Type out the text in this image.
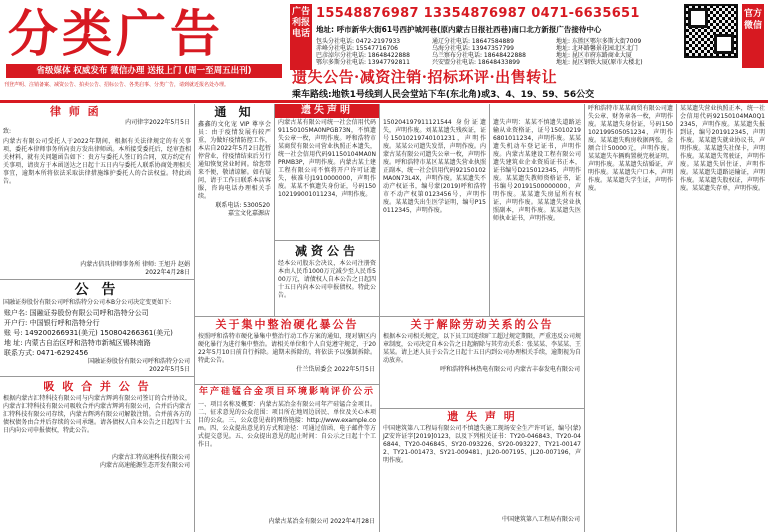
分类广告
省级媒体 权威发布 微信办理 送报上门 (周一至周五出刊)
刊登声明、注销备案、减资公告、拍卖公告、招标公告、各类启事、分类广告，请到就近报名处办理。
广告利报电话
15548876987 13354876987 0471-6635651
地址: 呼市新华大街61号西护城河巷(原内蒙古日报社西巷)南口北方新报广告接待中心
包头分社电话: 0472-2197933
赤峰分社电话: 15547716706
巴彦淖尔分社电话: 18648422888
鄂尔多斯分社电话: 13947792811
通辽分社电话: 18647584889
乌海分社电话: 13947357799
乌兰察布分社电话: 18648422888
兴安盟分社电话: 18648433899
地址: 东胜区鄂尔多斯大街7009
地址: 北环路馨景花园北区北门
地址: 昆区市府东路商业大厦
地址: 昆区钢铁大厦(原市大楼北)
官方微信
遗失公告·减资注销·招标环评·出售转让
乘车路线:地铁1号线到人民会堂站下车(东北角)或3、4、19、59、56公交
律 师 函
内司律字2022年5月5日
致:
内蒙古有限公司受托人于2022年期间，根据有关法律规定的有关事项，委托本律师事务所向贵方发出律师函。本所接受委托后，经审查相关材料，就有关问题函告如下：贵方与委托人签订的合同，双方约定有关事项，请贵方于本函送达之日起十五日内与委托人联系协商处理相关事宜，逾期本所将依法采取法律措施维护委托人的合法权益。特此函告。
内蒙古信具律师事务所 律师: 王旭升 赵娟
2022年4月28日
公 告
国融证券股份有限公司呼和浩特分公司本B分公司决定变更如下:
账户名: 国融证券股份有限公司呼和浩特分公司
开户行: 中国银行呼和浩特分行
账 号: 149200266931(美元) 150804266361(美元)
地 址: 内蒙古自治区呼和浩特市新城区锡林南路
联系方式: 0471-6292456
国融证券股份有限公司呼和浩特分公司
2022年5月5日
吸 收 合 并 公 告
根据内蒙古汇特科技有限公司与内蒙古辉鸿有限公司签订的合并协议，内蒙古汇特科技有限公司吸收合并内蒙古辉鸿有限公司，合并后内蒙古汇特科技有限公司存续，内蒙古辉鸿有限公司解散注销。合并前各方的债权债务由合并后存续的公司承继。请各债权人自本公告之日起四十五日内向公司申报债权，特此公告。
内蒙古汇特高速科技有限公司
内蒙古高速能源生态开发有限公司
通 知
鑫鑫的文化宠 VIP 尊享会员：由于疫情发展有较严重，为做好疫情防控工作，本店自2022年5月2日起暂停营业，待疫情结束后另行通知恢复营业时间。给您带来不便，敬请谅解。如有疑问，请于工作日联系本店客服，咨询电话办理相关手续。
联系电话: 5300520
嘉宝文化嘉源店
遗失声明
内蒙古某有限公司统一社会信用代码91150105MA0NPGB73N，不慎遗失公章一枚，声明作废。呼和浩特市某商贸有限公司营业执照正本遗失，统一社会信用代码91150104MA0NPRMB3P，声明作废。内蒙古某土建工程有限公司不慎将开户许可证遗失，核准号J1910000000，声明作废。某某不慎遗失身份证，号码150102199001011234，声明作废。
减资公告
经本公司股东会决议，本公司注册资本由人民币1000万元减少至人民币500万元，请债权人自本公告之日起四十五日内向本公司申报债权。特此公告。
150204197911121544 身份证遗失，声明作废。刘某某遗失残疾证，证号15010219740101231，声明作废。某某公司遗失发票，声明作废。内蒙古某有限公司遗失公章一枚，声明作废。呼和浩特市某区某某遗失营业执照正副本，统一社会信用代码92150102MA0N73L4X，声明作废。某某遗失不动产权证书，编号蒙(2019)呼和浩特市不动产权第0123456号，声明作废。某某遗失出生医学证明，编号P150112345，声明作废。
遗失声明：某某不慎遗失道路运输从业资格证，证号150102196801011234，声明作废。某某遗失机动车登记证书，声明作废。内蒙古某建设工程有限公司遗失建筑业企业资质证书正本，证书编号D215012345，声明作废。某某遗失教师资格证书，证书编号20191500000000，声明作废。某某遗失房屋所有权证，声明作废。某某遗失营业执照副本，声明作废。某某遗失医师执业证书，声明作废。
呼和浩特市某某商贸有限公司遗失公章、财务章各一枚，声明作废。某某遗失身份证，号码150102199505051234，声明作废。某某遗失购房收据两张，金额合计50000元，声明作废。某某遗失车辆购置税完税证明，声明作废。某某遗失结婚证，声明作废。某某遗失户口本，声明作废。某某遗失学生证，声明作废。
某某遗失营业执照正本，统一社会信用代码92150104MA0Q12345，声明作废。某某遗失报到证，编号201912345，声明作废。某某遗失就业协议书，声明作废。某某遗失社保卡，声明作废。某某遗失驾驶证，声明作废。某某遗失居住证，声明作废。某某遗失道路运输证，声明作废。某某遗失股权证，声明作废。某某遗失存单，声明作废。
关于集中整治硬化暴公告
按照呼和浩特市硬化暴集中整治行动工作方案的通知，现对辖区内硬化暴行为进行集中整治。请相关单位和个人自觉遵守规定，于2022年5月10日前自行拆除。逾期未拆除的，将依法予以强制拆除。特此公告。
什兰岱居委会 2022年5月5日
关于解除劳动关系的公告
根据本公司相关规定，以下员工因连续旷工超过规定期限，严重违反公司规章制度，公司决定自本公告之日起解除与其劳动关系：张某某、李某某、王某某。请上述人员于公告之日起十五日内到公司办理相关手续，逾期视为自动放弃。
呼和浩特科林热电有限公司 内蒙古丰泰发电有限公司
年产硅锰合金项目环境影响评价公示
一、项目名称及概要：内蒙古某冶金有限公司年产硅锰合金项目。二、征求意见的公众范围：项目所在地周边居民、单位及关心本项目的公众。三、公众意见表的网络链接：http://www.example.com。四、公众提出意见的方式和途径：可通过信函、电子邮件等方式提交意见。五、公众提出意见的起止时间：自公示之日起十个工作日。
内蒙古某冶金有限公司 2022年4月28日
遗 失 声 明
中国建筑第八工程局有限公司不慎遗失施工现场安全生产许可证，编号(蒙)JZ安许证字[2019]0123，以及下列相关证书：TY20-046843、TY20-046844、TY20-046845、SY20-093226、SY20-093227、TY21-001472、TY21-001473、SY21-009481、JL20-007195、JL20-007196，声明作废。
中国建筑第八工程局有限公司
